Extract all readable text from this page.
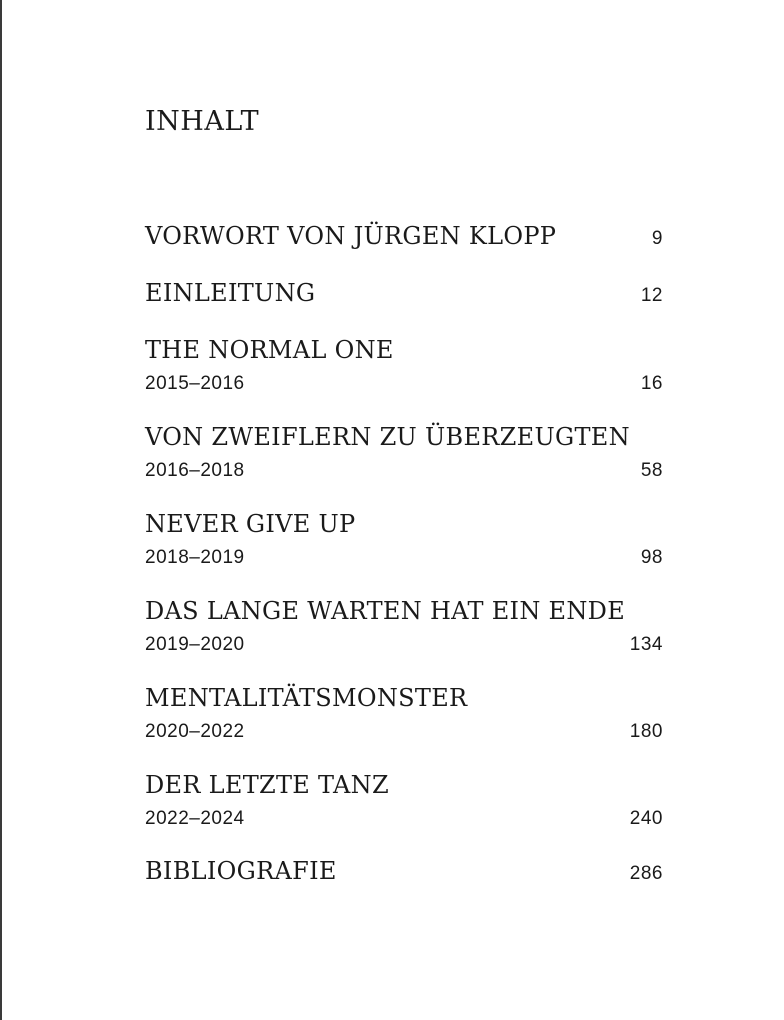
INHALT
VORWORT VON JÜRGEN KLOPP	9
EINLEITUNG	12
THE NORMAL ONE
2015–2016	16
VON ZWEIFLERN ZU ÜBERZEUGTEN
2016–2018	58
NEVER GIVE UP
2018–2019	98
DAS LANGE WARTEN HAT EIN ENDE
2019–2020	134
MENTALITÄTSMONSTER
2020–2022	180
DER LETZTE TANZ
2022–2024	240
BIBLIOGRAFIE	286
